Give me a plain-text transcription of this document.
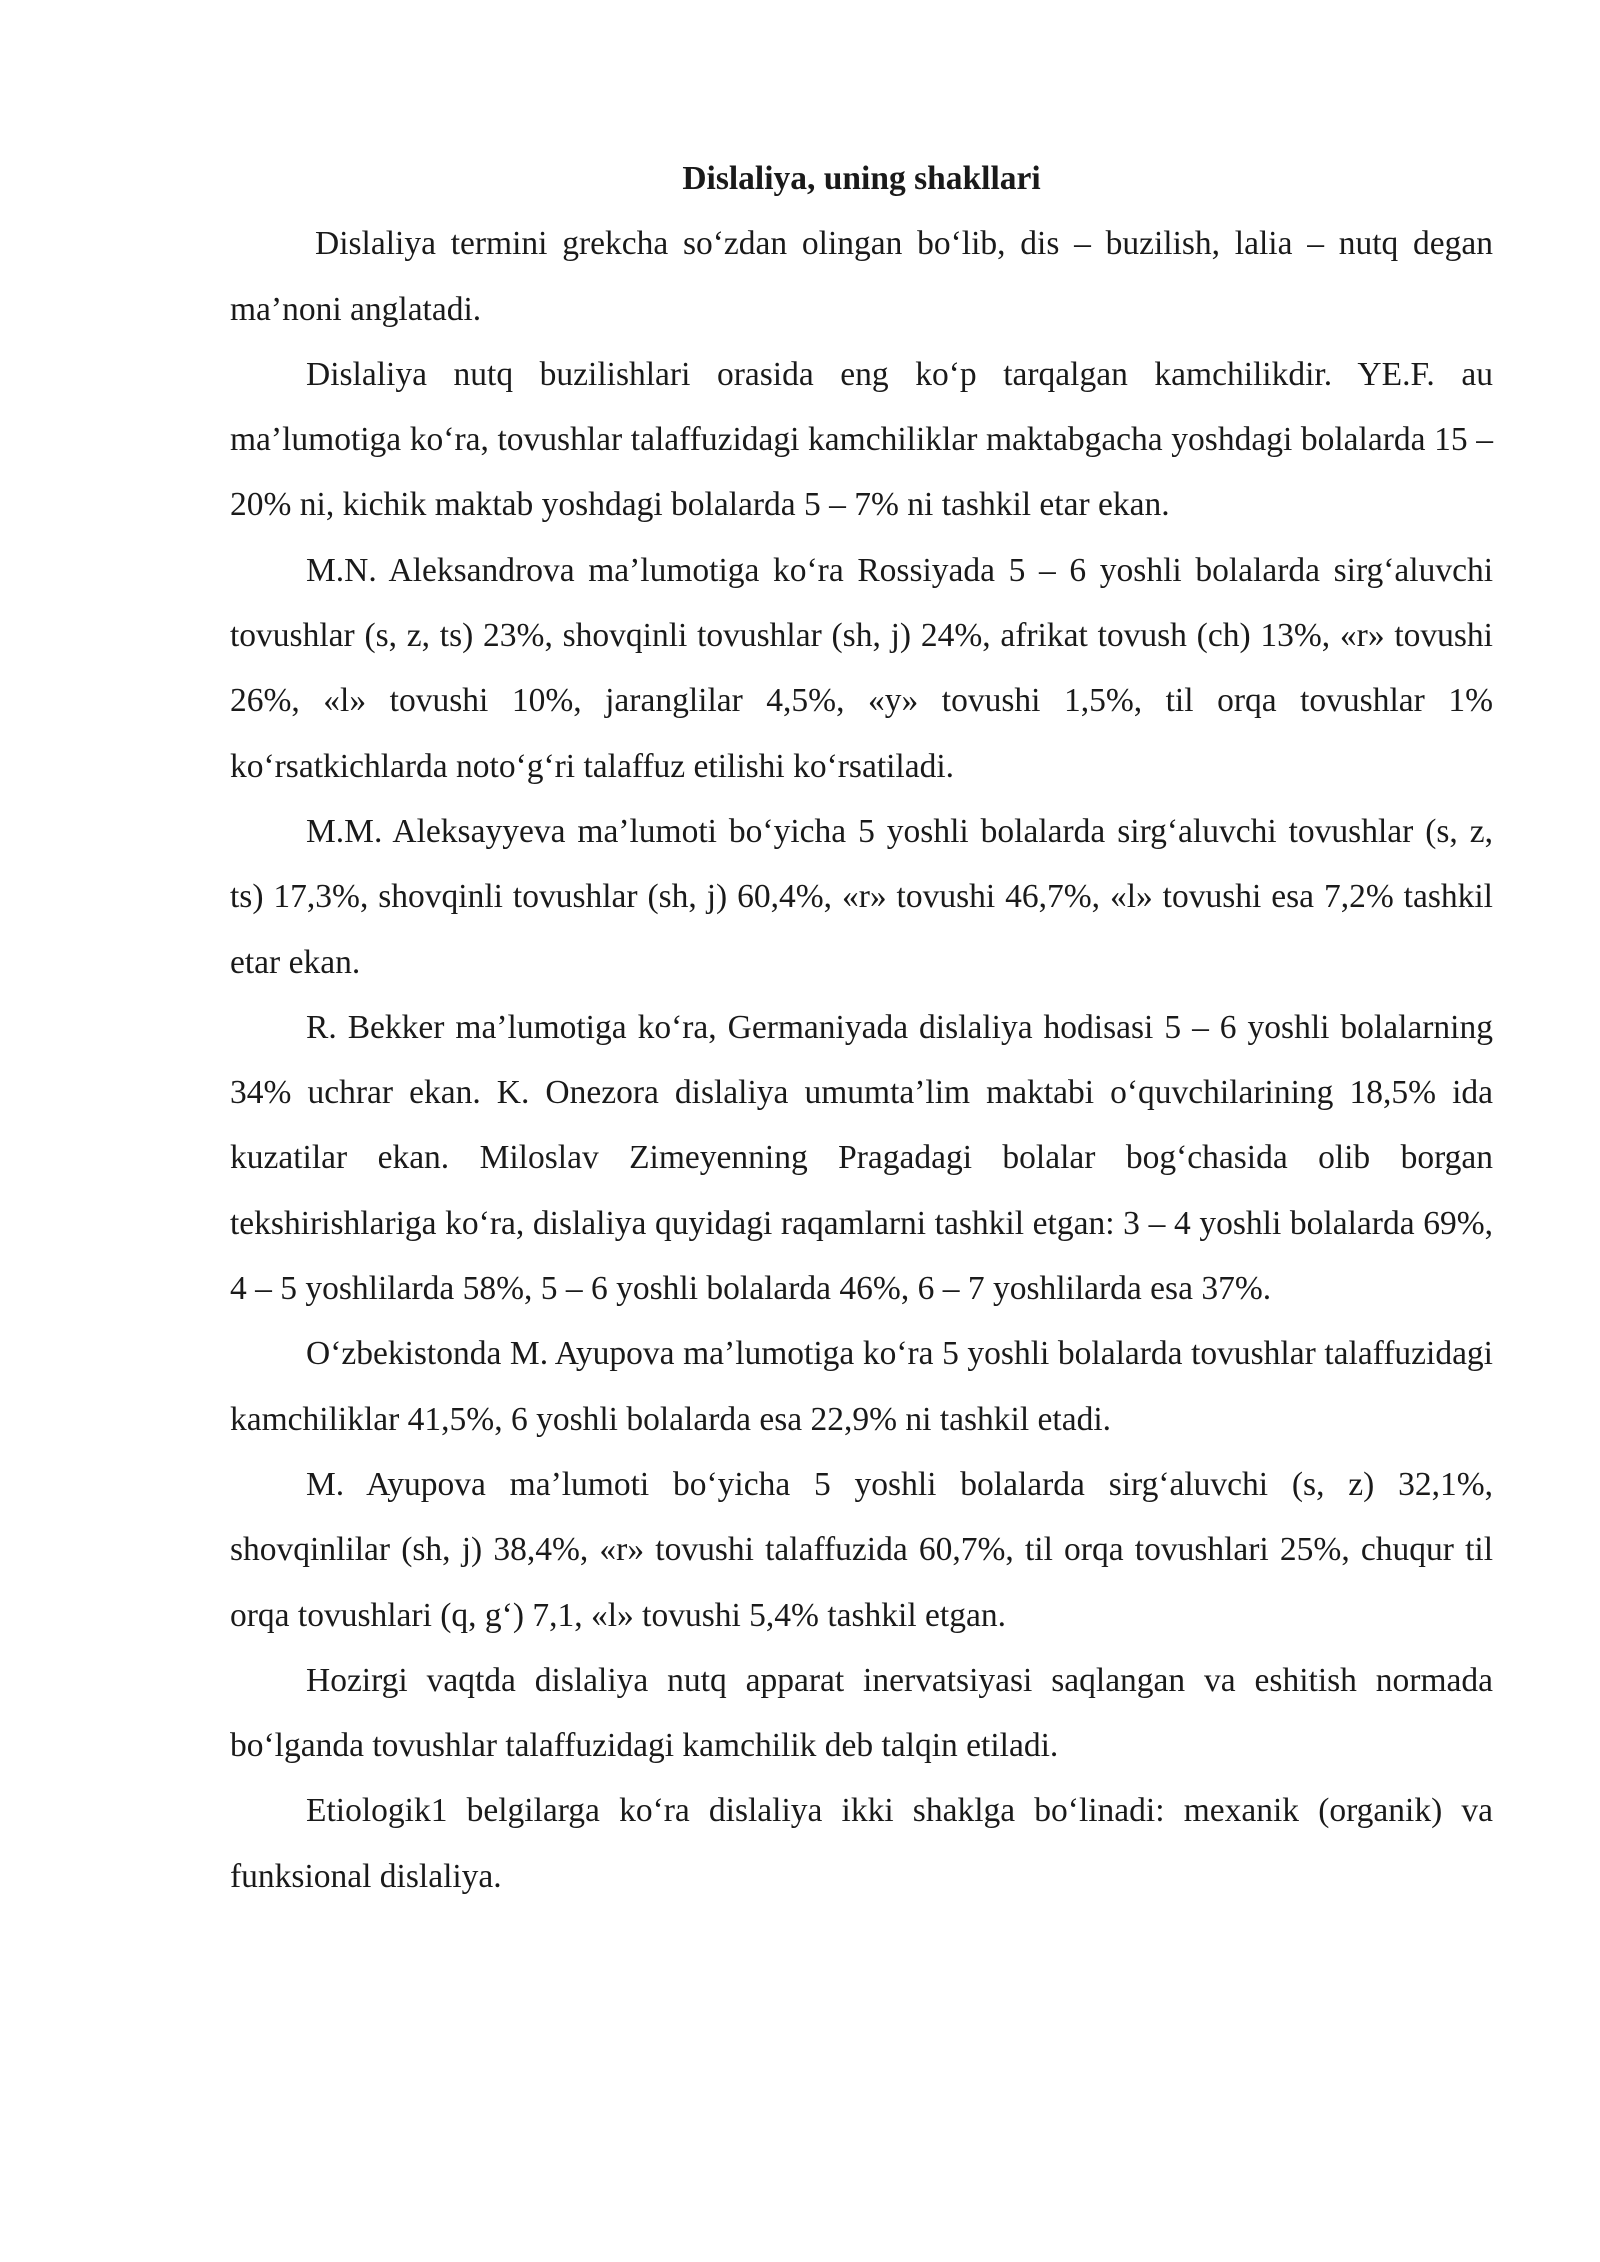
Dislaliya, uning shakllari

Dislaliya termini grekcha so‘zdan olingan bo‘lib, dis – buzilish, lalia – nutq degan ma’noni anglatadi.

Dislaliya nutq buzilishlari orasida eng ko‘p tarqalgan kamchilikdir. YE.F. au ma’lumotiga ko‘ra, tovushlar talaffuzidagi kamchiliklar maktabgacha yoshdagi bolalarda 15 – 20% ni, kichik maktab yoshdagi bolalarda 5 – 7% ni tashkil etar ekan.

M.N. Aleksandrova ma’lumotiga ko‘ra Rossiyada 5 – 6 yoshli bolalarda sirg‘aluvchi tovushlar (s, z, ts) 23%, shovqinli tovushlar (sh, j) 24%, afrikat tovush (ch) 13%, «r» tovushi 26%, «l» tovushi 10%, jaranglilar 4,5%, «y» tovushi 1,5%, til orqa tovushlar 1% ko‘rsatkichlarda noto‘g‘ri talaffuz etilishi ko‘rsatiladi.

M.M. Aleksayyeva ma’lumoti bo‘yicha 5 yoshli bolalarda sirg‘aluvchi tovushlar (s, z, ts) 17,3%, shovqinli tovushlar (sh, j) 60,4%, «r» tovushi 46,7%, «l» tovushi esa 7,2% tashkil etar ekan.

R. Bekker ma’lumotiga ko‘ra, Germaniyada dislaliya hodisasi 5 – 6 yoshli bolalarning 34% uchrar ekan. K. Onezora dislaliya umumta’lim maktabi o‘quvchilarining 18,5% ida kuzatilar ekan. Miloslav Zimeyenning Pragadagi bolalar bog‘chasida olib borgan tekshirishlariga ko‘ra, dislaliya quyidagi raqamlarni tashkil etgan: 3 – 4 yoshli bolalarda 69%, 4 – 5 yoshlilarda 58%, 5 – 6 yoshli bolalarda 46%, 6 – 7 yoshlilarda esa 37%.

O‘zbekistonda M. Ayupova ma’lumotiga ko‘ra 5 yoshli bolalarda tovushlar talaffuzidagi kamchiliklar 41,5%, 6 yoshli bolalarda esa 22,9% ni tashkil etadi.

M. Ayupova ma’lumoti bo‘yicha 5 yoshli bolalarda sirg‘aluvchi (s, z) 32,1%, shovqinlilar (sh, j) 38,4%, «r» tovushi talaffuzida 60,7%, til orqa tovushlari 25%, chuqur til orqa tovushlari (q, g‘) 7,1, «l» tovushi 5,4% tashkil etgan.

Hozirgi vaqtda dislaliya nutq apparat inervatsiyasi saqlangan va eshitish normada bo‘lganda tovushlar talaffuzidagi kamchilik deb talqin etiladi.

Etiologik1 belgilarga ko‘ra dislaliya ikki shaklga bo‘linadi: mexanik (organik) va funksional dislaliya.
